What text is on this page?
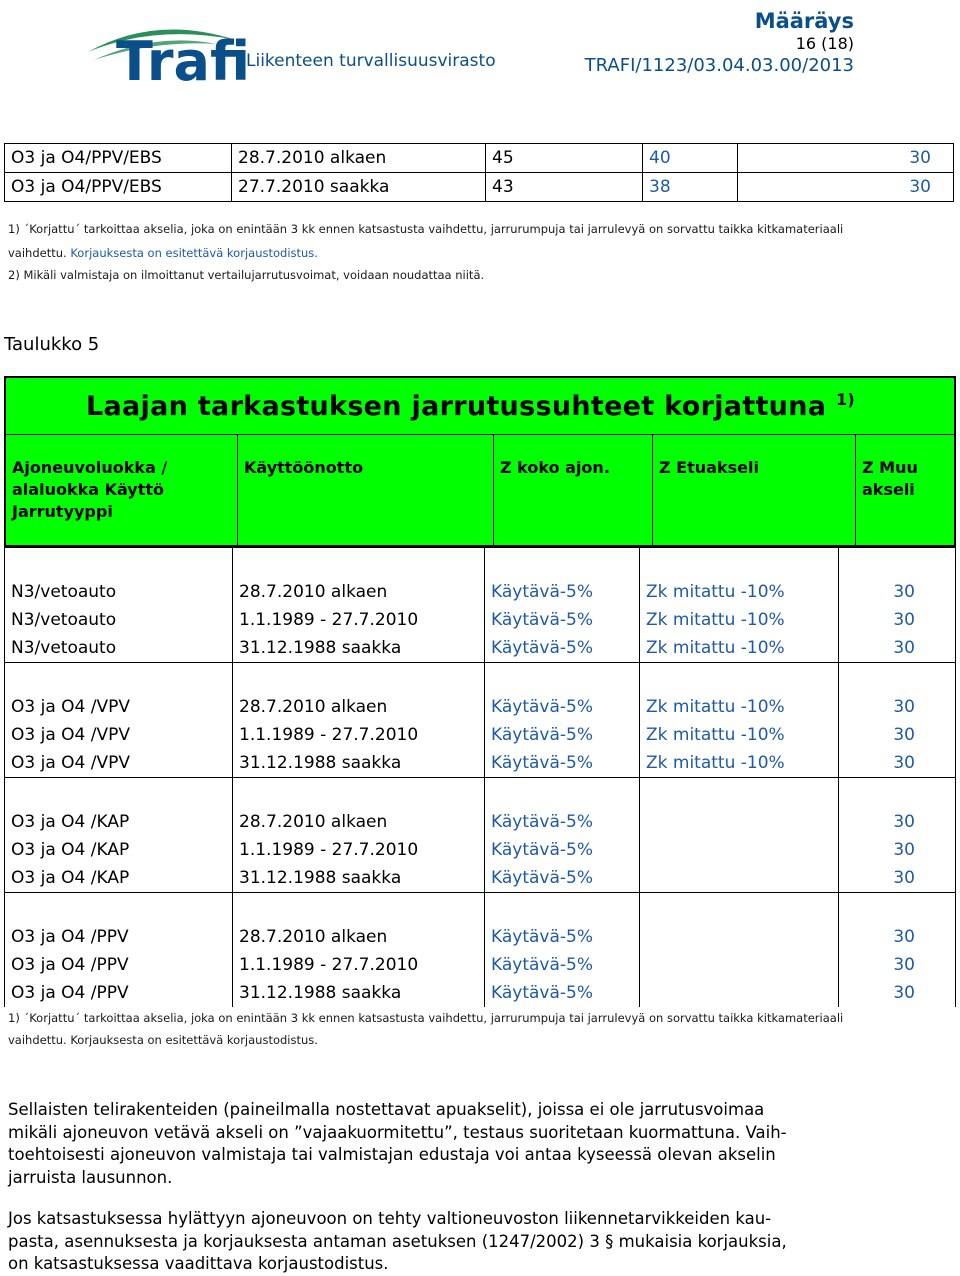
Trafi
Liikenteen turvallisuusvirasto
Määräys
16 (18)
TRAFI/1123/03.04.03.00/2013
O3 ja O4/PPV/EBS	28.7.2010 alkaen	45	40	30
O3 ja O4/PPV/EBS	27.7.2010 saakka	43	38	30
1) ´Korjattu´ tarkoittaa akselia, joka on enintään 3 kk ennen katsastusta vaihdettu, jarrurumpuja tai jarrulevyä on sorvattu taikka kitkamateriaali
vaihdettu. Korjauksesta on esitettävä korjaustodistus.
2) Mikäli valmistaja on ilmoittanut vertailujarrutusvoimat, voidaan noudattaa niitä.
Taulukko 5
Laajan tarkastuksen jarrutussuhteet korjattuna $^{1)}$
Ajoneuvoluokka / alaluokka Käyttö Jarrutyyppi	Käyttöönotto	Z koko ajon.	Z Etuakseli	Z Muu akseli

N3/vetoauto	28.7.2010 alkaen	Käytävä-5%	Zk mitattu -10%	30
N3/vetoauto	1.1.1989 - 27.7.2010	Käytävä-5%	Zk mitattu -10%	30
N3/vetoauto	31.12.1988 saakka	Käytävä-5%	Zk mitattu -10%	30

O3 ja O4 /VPV	28.7.2010 alkaen	Käytävä-5%	Zk mitattu -10%	30
O3 ja O4 /VPV	1.1.1989 - 27.7.2010	Käytävä-5%	Zk mitattu -10%	30
O3 ja O4 /VPV	31.12.1988 saakka	Käytävä-5%	Zk mitattu -10%	30

O3 ja O4 /KAP	28.7.2010 alkaen	Käytävä-5%		30
O3 ja O4 /KAP	1.1.1989 - 27.7.2010	Käytävä-5%		30
O3 ja O4 /KAP	31.12.1988 saakka	Käytävä-5%		30

O3 ja O4 /PPV	28.7.2010 alkaen	Käytävä-5%		30
O3 ja O4 /PPV	1.1.1989 - 27.7.2010	Käytävä-5%		30
O3 ja O4 /PPV	31.12.1988 saakka	Käytävä-5%		30
1) ´Korjattu´ tarkoittaa akselia, joka on enintään 3 kk ennen katsastusta vaihdettu, jarrurumpuja tai jarrulevyä on sorvattu taikka kitkamateriaali
vaihdettu. Korjauksesta on esitettävä korjaustodistus.
Sellaisten telirakenteiden (paineilmalla nostettavat apuakselit), joissa ei ole jarrutusvoimaa
mikäli ajoneuvon vetävä akseli on ”vajaakuormitettu”, testaus suoritetaan kuormattuna. Vaih-
toehtoisesti ajoneuvon valmistaja tai valmistajan edustaja voi antaa kyseessä olevan akselin
jarruista lausunnon.
Jos katsastuksessa hylättyyn ajoneuvoon on tehty valtioneuvoston liikennetarvikkeiden kau-
pasta, asennuksesta ja korjauksesta antaman asetuksen (1247/2002) 3 § mukaisia korjauksia,
on katsastuksessa vaadittava korjaustodistus.
